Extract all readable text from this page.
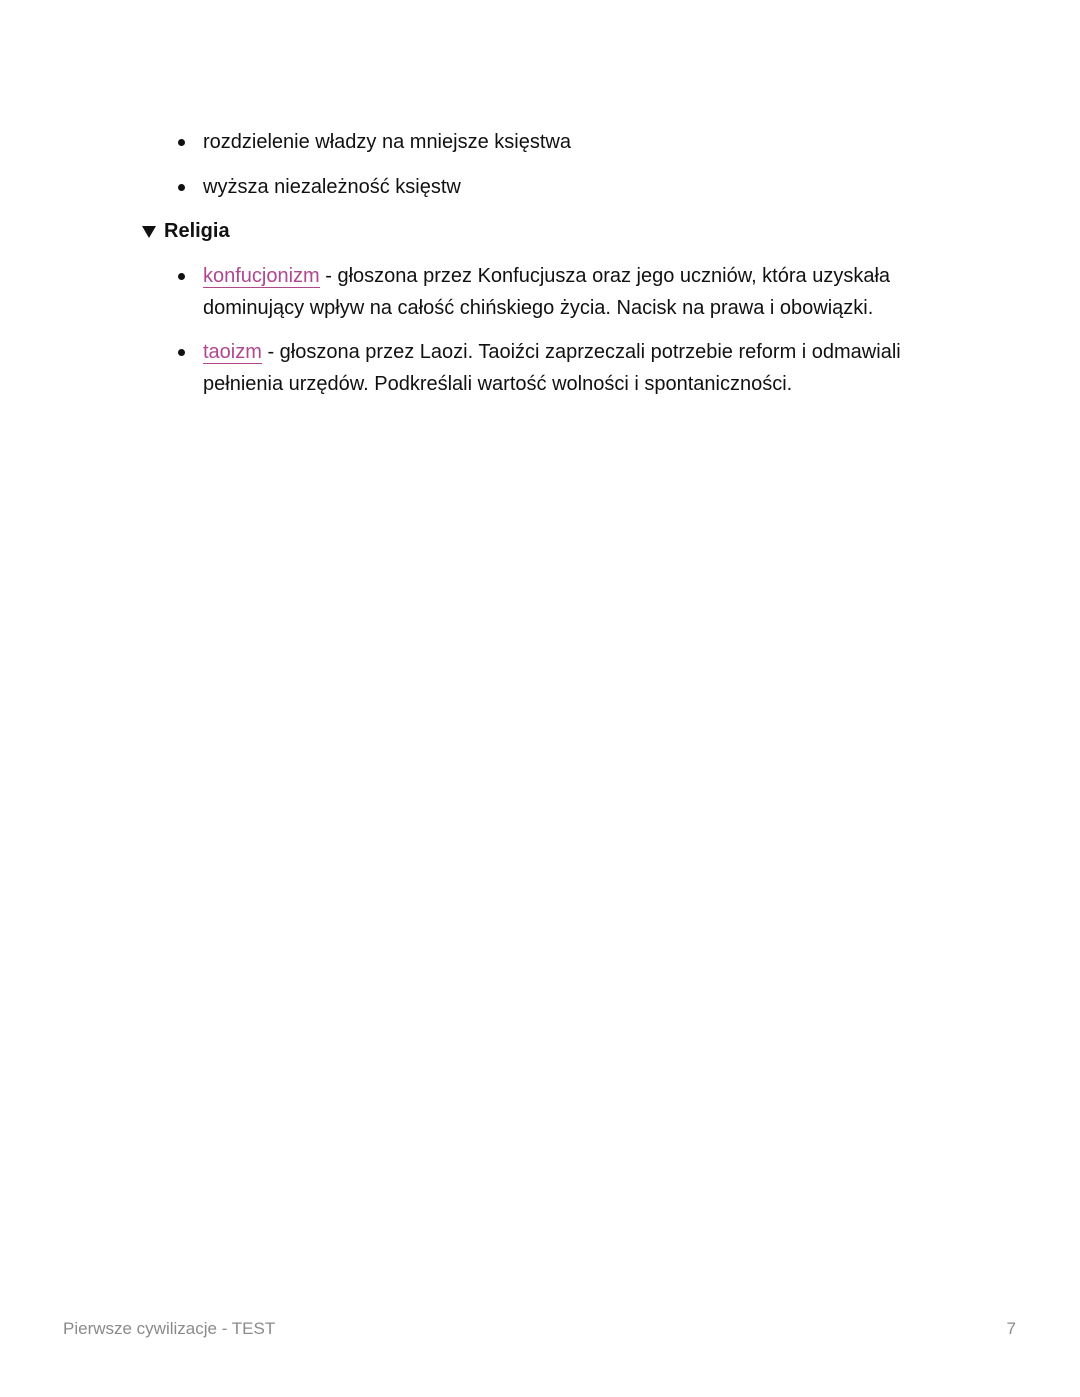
rozdzielenie władzy na mniejsze księstwa
wyższa niezależność księstw
Religia
konfucjonizm - głoszona przez Konfucjusza oraz jego uczniów, która uzyskała dominujący wpływ na całość chińskiego życia. Nacisk na prawa i obowiązki.
taoizm - głoszona przez Laozi. Taoiźci zaprzeczali potrzebie reform i odmawiali pełnienia urzędów. Podkreślali wartość wolności i spontaniczności.
Pierwsze cywilizacje - TEST	7
